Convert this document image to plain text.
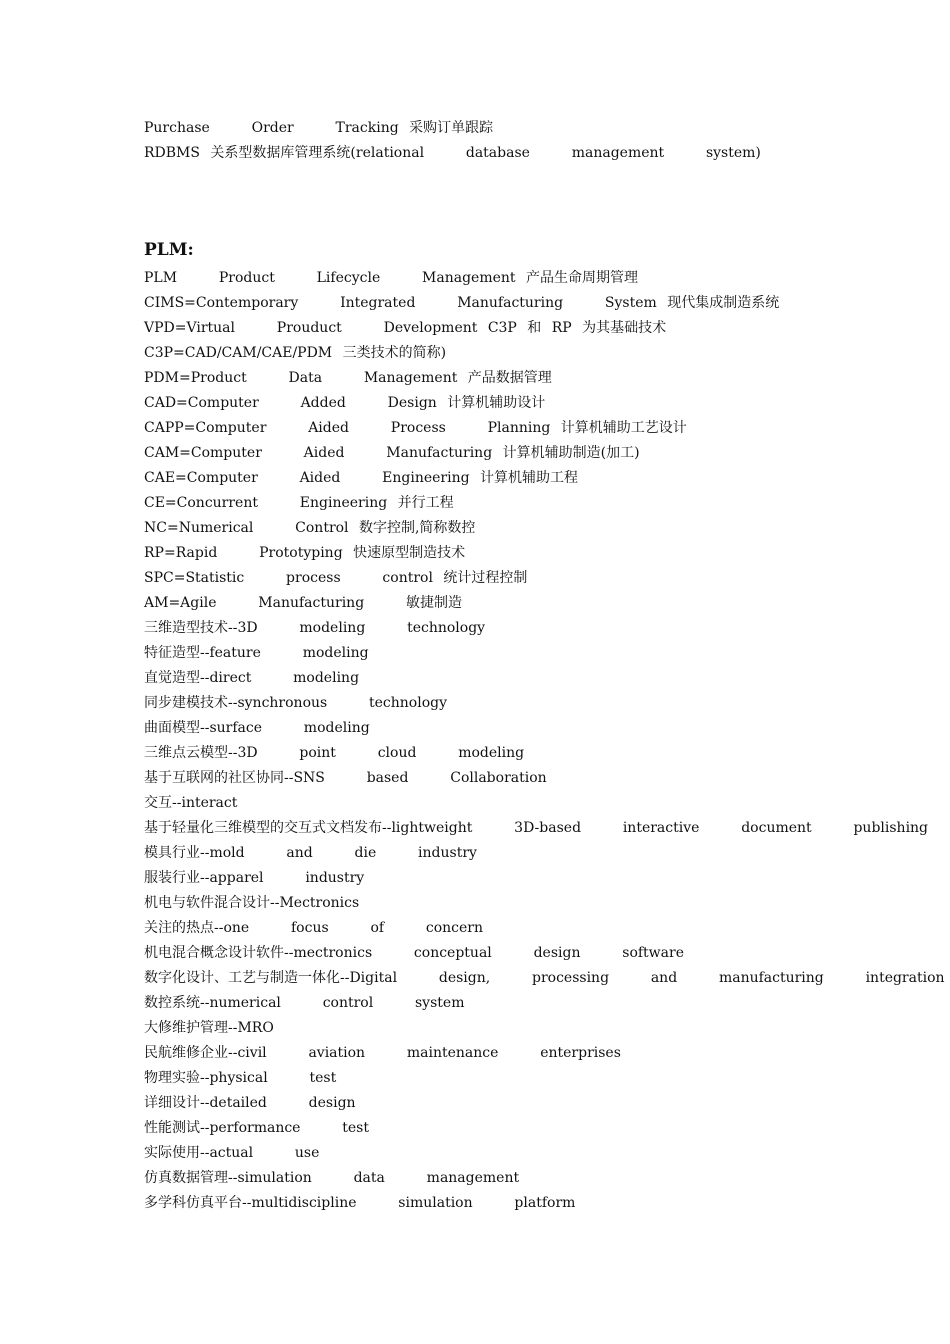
Purchase    Order    Tracking 采购订单跟踪
RDBMS 关系型数据库管理系统(relational    database    management    system)
PLM:
PLM    Product    Lifecycle    Management 产品生命周期管理
CIMS=Contemporary    Integrated    Manufacturing    System 现代集成制造系统
VPD=Virtual    Prouduct    Development C3P 和 RP 为其基础技术
C3P=CAD/CAM/CAE/PDM 三类技术的简称)
PDM=Product    Data    Management 产品数据管理
CAD=Computer    Added    Design 计算机辅助设计
CAPP=Computer    Aided    Process    Planning 计算机辅助工艺设计
CAM=Computer    Aided    Manufacturing 计算机辅助制造(加工)
CAE=Computer    Aided    Engineering 计算机辅助工程
CE=Concurrent    Engineering 并行工程
NC=Numerical    Control 数字控制,简称数控
RP=Rapid    Prototyping 快速原型制造技术
SPC=Statistic    process    control 统计过程控制
AM=Agile    Manufacturing    敏捷制造
三维造型技术--3D    modeling    technology
特征造型--feature    modeling
直觉造型--direct    modeling
同步建模技术--synchronous    technology
曲面模型--surface    modeling
三维点云模型--3D    point    cloud    modeling
基于互联网的社区协同--SNS    based    Collaboration
交互--interact
基于轻量化三维模型的交互式文档发布--lightweight    3D-based    interactive    document    publishing
模具行业--mold    and    die    industry
服装行业--apparel    industry
机电与软件混合设计--Mectronics
关注的热点--one    focus    of    concern
机电混合概念设计软件--mectronics    conceptual    design    software
数字化设计、工艺与制造一体化--Digital    design,    processing    and    manufacturing    integration
数控系统--numerical    control    system
大修维护管理--MRO
民航维修企业--civil    aviation    maintenance    enterprises
物理实验--physical    test
详细设计--detailed    design
性能测试--performance    test
实际使用--actual    use
仿真数据管理--simulation    data    management
多学科仿真平台--multidiscipline    simulation    platform
